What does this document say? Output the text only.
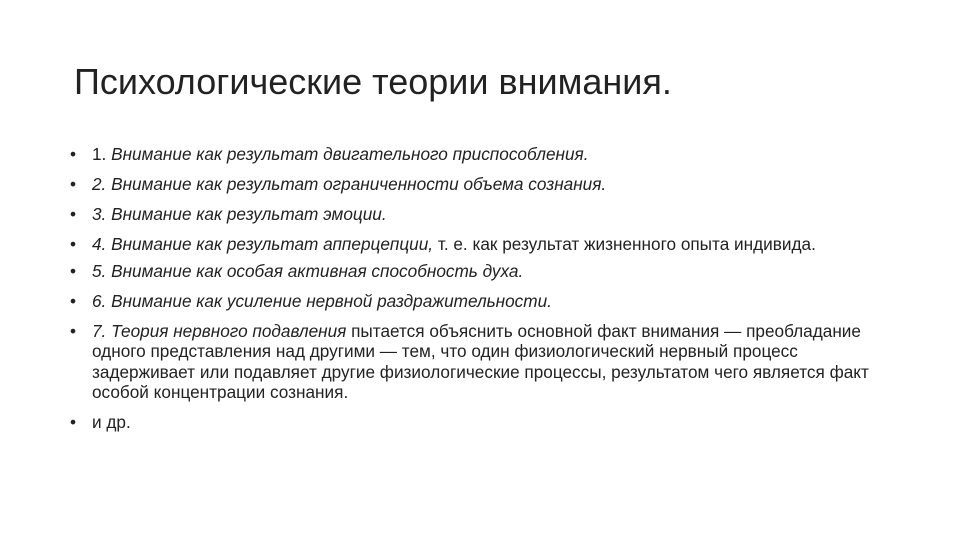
Психологические теории внимания.
• 1. Внимание как результат двигательного приспособления.
• 2. Внимание как результат ограниченности объема сознания.
• 3. Внимание как результат эмоции.
• 4. Внимание как результат апперцепции, т. е. как результат жизненного опыта индивида.
• 5. Внимание как особая активная способность духа.
• 6. Внимание как усиление нервной раздражительности.
• 7. Теория нервного подавления пытается объяснить основной факт внимания — преобладание одного представления над другими — тем, что один физиологический нервный процесс задерживает или подавляет другие физиологические процессы, результатом чего является факт особой концентрации сознания.
• и др.
